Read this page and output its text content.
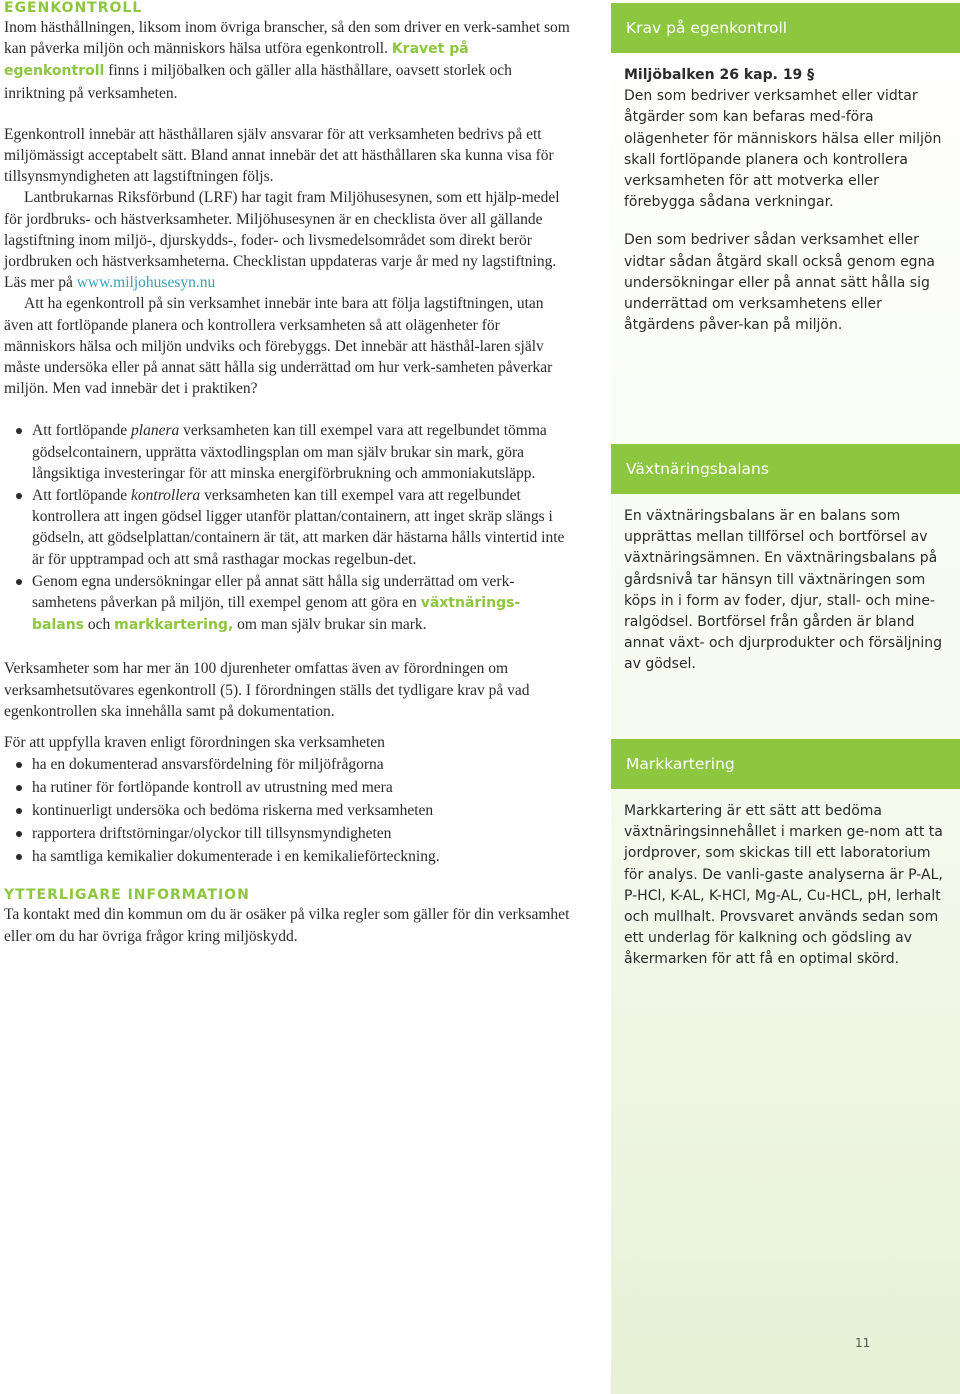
EGENKONTROLL

Inom hästhållningen, liksom inom övriga branscher, så den som driver en verk-samhet som kan påverka miljön och människors hälsa utföra egenkontroll. Kravet på egenkontroll finns i miljöbalken och gäller alla hästhållare, oavsett storlek och inriktning på verksamheten.

Egenkontroll innebär att hästhållaren själv ansvarar för att verksamheten bedrivs på ett miljömässigt acceptabelt sätt. Bland annat innebär det att hästhållaren ska kunna visa för tillsynsmyndigheten att lagstiftningen följs.

Lantbrukarnas Riksförbund (LRF) har tagit fram Miljöhusesynen, som ett hjälp-medel för jordbruks- och hästverksamheter. Miljöhusesynen är en checklista över all gällande lagstiftning inom miljö-, djurskydds-, foder- och livsmedelsområdet som direkt berör jordbruken och hästverksamheterna. Checklistan uppdateras varje år med ny lagstiftning. Läs mer på www.miljohusesyn.nu

Att ha egenkontroll på sin verksamhet innebär inte bara att följa lagstiftningen, utan även att fortlöpande planera och kontrollera verksamheten så att olägenheter för människors hälsa och miljön undviks och förebyggs. Det innebär att hästhål-laren själv måste undersöka eller på annat sätt hålla sig underrättad om hur verk-samheten påverkar miljön. Men vad innebär det i praktiken?

Att fortlöpande planera verksamheten kan till exempel vara att regelbundet tömma gödselcontainern, upprätta växtodlingsplan om man själv brukar sin mark, göra långsiktiga investeringar för att minska energiförbrukning och ammoniakutsläpp.
Att fortlöpande kontrollera verksamheten kan till exempel vara att regelbundet kontrollera att ingen gödsel ligger utanför plattan/containern, att inget skräp slängs i gödseln, att gödselplattan/containern är tät, att marken där hästarna hålls vintertid inte är för upptrampad och att små rasthagar mockas regelbun-det.
Genom egna undersökningar eller på annat sätt hålla sig underrättad om verk-samhetens påverkan på miljön, till exempel genom att göra en växtnärings-balans och markkartering, om man själv brukar sin mark.

Verksamheter som har mer än 100 djurenheter omfattas även av förordningen om verksamhetsutövares egenkontroll (5). I förordningen ställs det tydligare krav på vad egenkontrollen ska innehålla samt på dokumentation.

För att uppfylla kraven enligt förordningen ska verksamheten

ha en dokumenterad ansvarsfördelning för miljöfrågorna
ha rutiner för fortlöpande kontroll av utrustning med mera
kontinuerligt undersöka och bedöma riskerna med verksamheten
rapportera driftstörningar/olyckor till tillsynsmyndigheten
ha samtliga kemikalier dokumenterade i en kemikalieförteckning.
YTTERLIGARE INFORMATION

Ta kontakt med din kommun om du är osäker på vilka regler som gäller för din verksamhet eller om du har övriga frågor kring miljöskydd.

Krav på egenkontroll
Miljöbalken 26 kap. 19 §

Den som bedriver verksamhet eller vidtar åtgärder som kan befaras med-föra olägenheter för människors hälsa eller miljön skall fortlöpande planera och kontrollera verksamheten för att motverka eller förebygga sådana verkningar.

Den som bedriver sådan verksamhet eller vidtar sådan åtgärd skall också genom egna undersökningar eller på annat sätt hålla sig underrättad om verksamhetens eller åtgärdens påver-kan på miljön.

Växtnäringsbalans
En växtnäringsbalans är en balans som upprättas mellan tillförsel och bortförsel av växtnäringsämnen. En växtnäringsbalans på gårdsnivå tar hänsyn till växtnäringen som köps in i form av foder, djur, stall- och mine-ralgödsel. Bortförsel från gården är bland annat växt- och djurprodukter och försäljning av gödsel.
Markkartering
Markkartering är ett sätt att bedöma växtnäringsinnehållet i marken ge-nom att ta jordprover, som skickas till ett laboratorium för analys. De vanli-gaste analyserna är P-AL, P-HCl, K-AL, K-HCl, Mg-AL, Cu-HCL, pH, lerhalt och mullhalt. Provsvaret används sedan som ett underlag för kalkning och gödsling av åkermarken för att få en optimal skörd.
11
